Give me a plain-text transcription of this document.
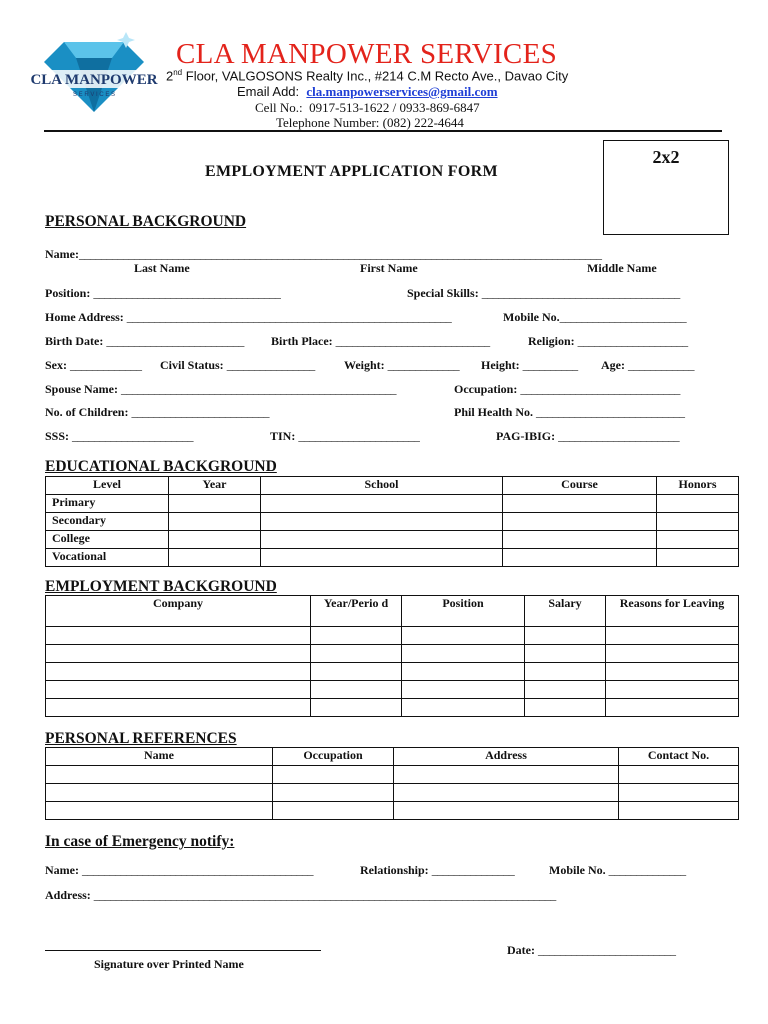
CLA MANPOWER
S E R V I C E S
CLA MANPOWER SERVICES
2nd Floor, VALGOSONS Realty Inc., #214 C.M Recto Ave., Davao City
Email Add: cla.manpowerservices@gmail.com
Cell No.: 0917-513-1622 / 0933-869-6847
Telephone Number: (082) 222-4644
2x2
EMPLOYMENT APPLICATION FORM
PERSONAL BACKGROUND
Name:_______________________________________________________________________________________________
Last Name	First Name	Middle Name
Position: __________________________________	Special Skills: ____________________________________
Home Address: ___________________________________________________________	Mobile No._______________________
Birth Date: _________________________ Birth Place: ____________________________	Religion: ____________________
Sex: _____________ Civil Status: ________________ Weight: _____________ Height: __________ Age: ____________
Spouse Name: __________________________________________________	Occupation: _____________________________
No. of Children: _________________________	Phil Health No. ___________________________
SSS: ______________________	TIN: ______________________	PAG-IBIG: ______________________
EDUCATIONAL BACKGROUND
Level	Year	School	Course	Honors
Primary				
Secondary				
College				
Vocational				
EMPLOYMENT BACKGROUND
Company	Year/Perio d	Position	Salary	Reasons for Leaving

PERSONAL REFERENCES
Name	Occupation	Address	Contact No.

In case of Emergency notify:
Name: __________________________________________	Relationship: _______________	Mobile No. ______________
Address: ____________________________________________________________________________________
Signature over Printed Name
Date: _________________________
